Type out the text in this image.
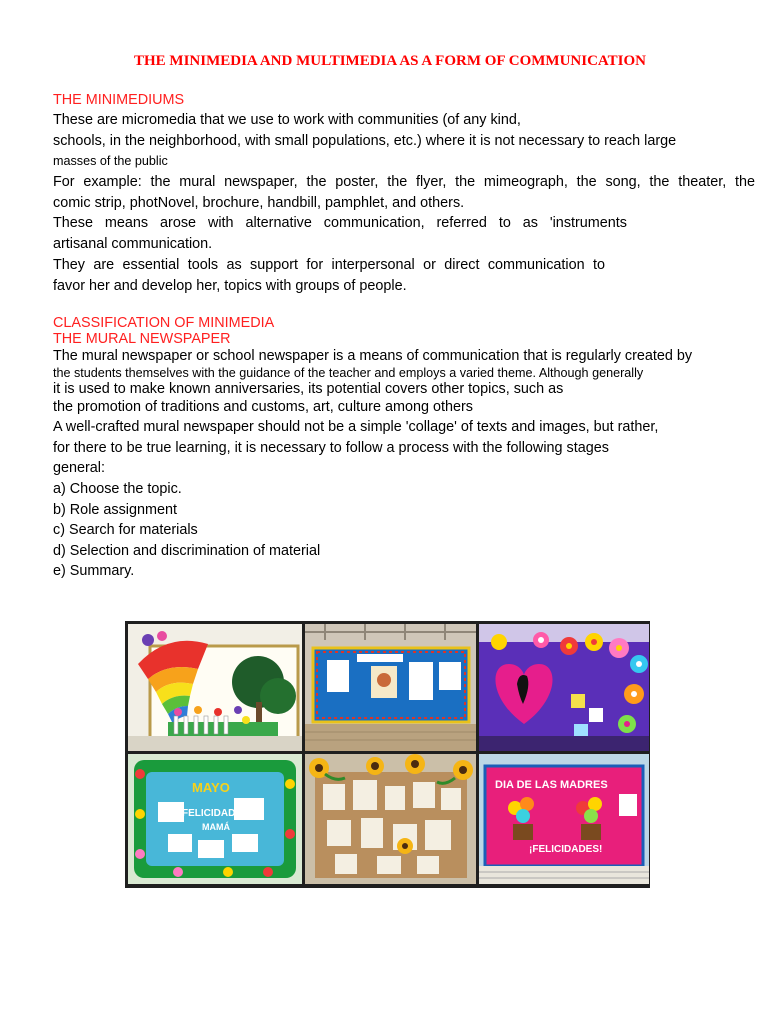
THE MINIMEDIA AND MULTIMEDIA AS A FORM OF COMMUNICATION
THE MINIMEDIUMS
These are micromedia that we use to work with communities (of any kind,
schools, in the neighborhood, with small populations, etc.) where it is not necessary to reach large
masses of the public
For example: the mural newspaper, the poster, the flyer, the mimeograph, the song, the theater, the
comic strip, photNovel, brochure, handbill, pamphlet, and others.
These means arose with alternative communication, referred to as 'instruments
artisanal communication.
They are essential tools as support for interpersonal or direct communication to
favor her and develop her, topics with groups of people.
CLASSIFICATION OF MINIMEDIA
THE MURAL NEWSPAPER
The mural newspaper or school newspaper is a means of communication that is regularly created by
the students themselves with the guidance of the teacher and employs a varied theme. Although generally
it is used to make known anniversaries, its potential covers other topics, such as
the promotion of traditions and customs, art, culture among others
A well-crafted mural newspaper should not be a simple 'collage' of texts and images, but rather,
for there to be true learning, it is necessary to follow a process with the following stages
general:
a) Choose the topic.
b) Role assignment
c) Search for materials
d) Selection and discrimination of material
e) Summary.
MAYO
FELICIDADES
MAMÁ
DIA DE LAS MADRES
¡FELICIDADES!
